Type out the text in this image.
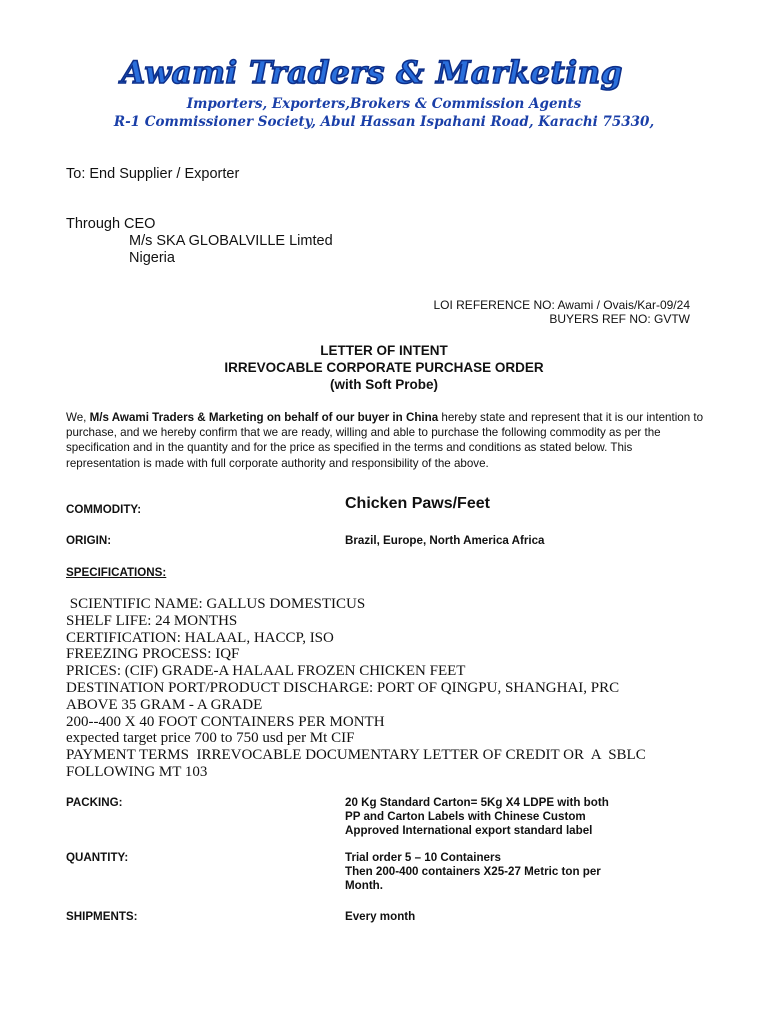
Awami Traders & Marketing
Importers, Exporters,Brokers & Commission Agents
R-1 Commissioner Society, Abul Hassan Ispahani Road, Karachi 75330,
To: End Supplier / Exporter
Through CEO
M/s SKA GLOBALVILLE Limted
Nigeria
LOI REFERENCE NO: Awami / Ovais/Kar-09/24
BUYERS REF NO: GVTW
LETTER OF INTENT
IRREVOCABLE CORPORATE PURCHASE ORDER
(with Soft Probe)
We, M/s Awami Traders & Marketing on behalf of our buyer in China hereby state and represent that it is our intention to purchase, and we hereby confirm that we are ready, willing and able to purchase the following commodity as per the specification and in the quantity and for the price as specified in the terms and conditions as stated below. This representation is made with full corporate authority and responsibility of the above.
COMMODITY:	Chicken Paws/Feet
ORIGIN:	Brazil, Europe, North America Africa
SPECIFICATIONS:
SCIENTIFIC NAME: GALLUS DOMESTICUS
SHELF LIFE: 24 MONTHS
CERTIFICATION: HALAAL, HACCP, ISO
FREEZING PROCESS: IQF
PRICES: (CIF) GRADE-A HALAAL FROZEN CHICKEN FEET
DESTINATION PORT/PRODUCT DISCHARGE: PORT OF QINGPU, SHANGHAI, PRC
ABOVE 35 GRAM - A GRADE
200--400 X 40 FOOT CONTAINERS PER MONTH
expected target price 700 to 750 usd per Mt CIF
PAYMENT TERMS  IRREVOCABLE DOCUMENTARY LETTER OF CREDIT OR  A  SBLC
FOLLOWING MT 103
PACKING:	20 Kg Standard Carton= 5Kg X4 LDPE with both
PP and Carton Labels with Chinese Custom
Approved International export standard label
QUANTITY:	Trial order 5 – 10 Containers
Then 200-400 containers X25-27 Metric ton per
Month.
SHIPMENTS:	Every month
